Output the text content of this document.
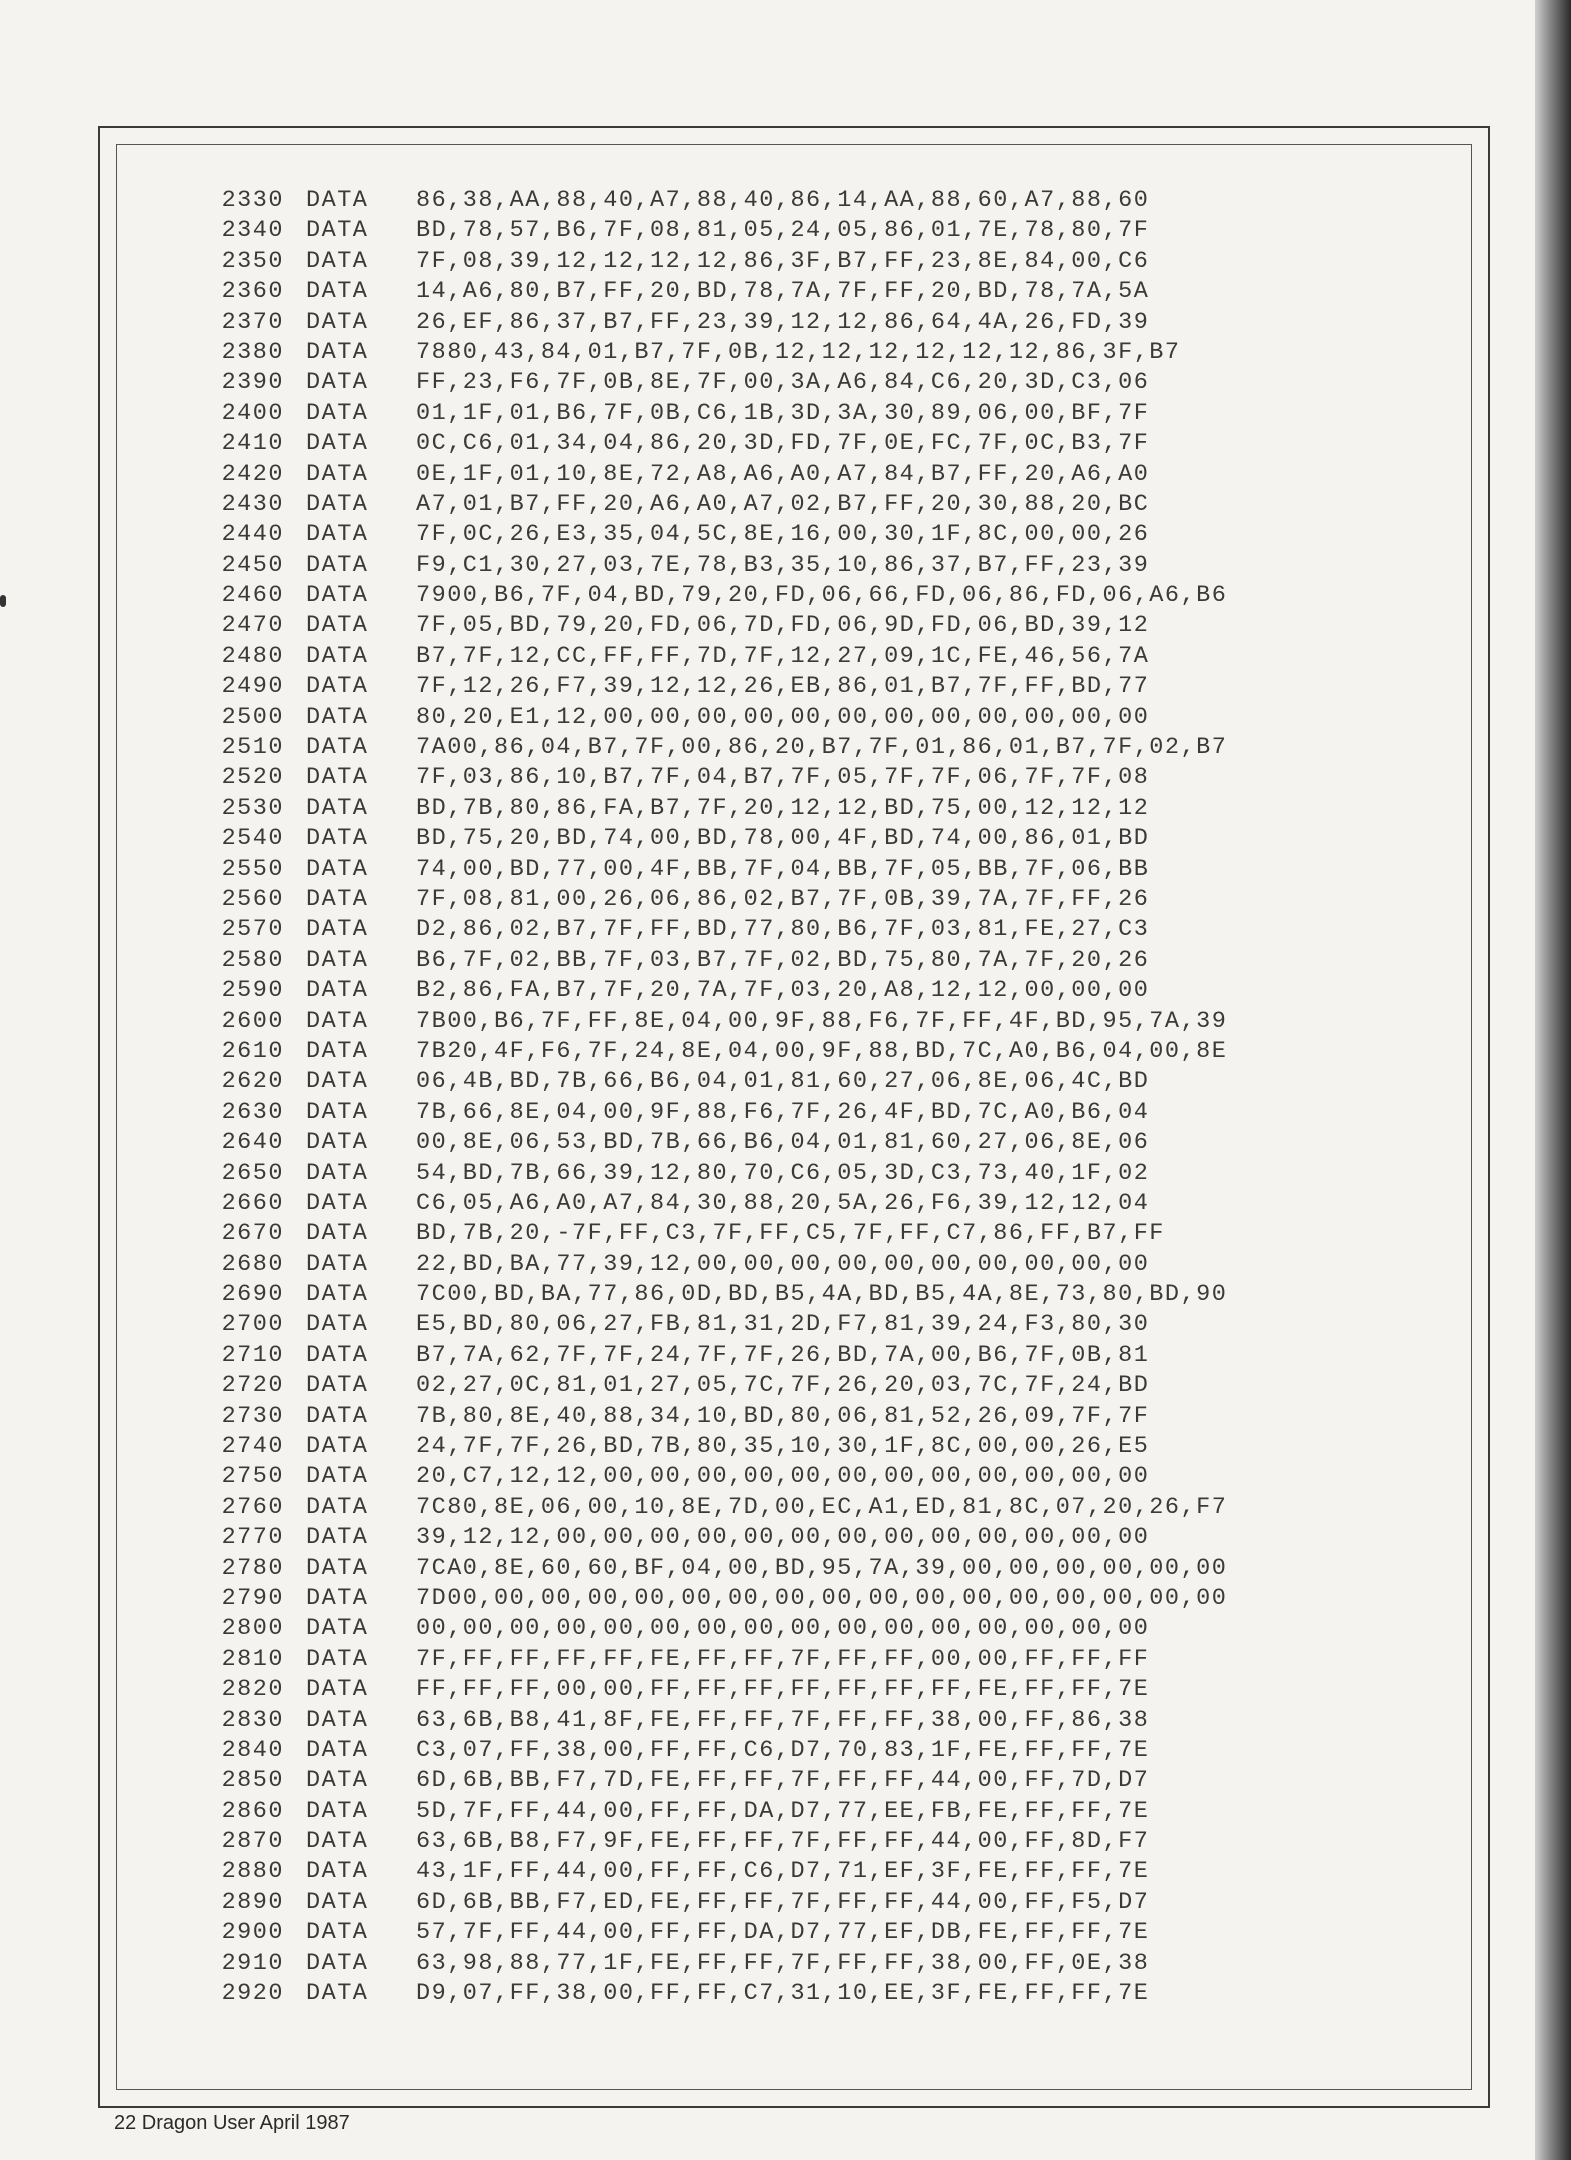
2330 DATA	86,38,AA,88,40,A7,88,40,86,14,AA,88,60,A7,88,60
2340 DATA	BD,78,57,B6,7F,08,81,05,24,05,86,01,7E,78,80,7F
2350 DATA	7F,08,39,12,12,12,12,86,3F,B7,FF,23,8E,84,00,C6
2360 DATA	14,A6,80,B7,FF,20,BD,78,7A,7F,FF,20,BD,78,7A,5A
2370 DATA	26,EF,86,37,B7,FF,23,39,12,12,86,64,4A,26,FD,39
2380 DATA	7880,43,84,01,B7,7F,0B,12,12,12,12,12,12,86,3F,B7
2390 DATA	FF,23,F6,7F,0B,8E,7F,00,3A,A6,84,C6,20,3D,C3,06
2400 DATA	01,1F,01,B6,7F,0B,C6,1B,3D,3A,30,89,06,00,BF,7F
2410 DATA	0C,C6,01,34,04,86,20,3D,FD,7F,0E,FC,7F,0C,B3,7F
2420 DATA	0E,1F,01,10,8E,72,A8,A6,A0,A7,84,B7,FF,20,A6,A0
2430 DATA	A7,01,B7,FF,20,A6,A0,A7,02,B7,FF,20,30,88,20,BC
2440 DATA	7F,0C,26,E3,35,04,5C,8E,16,00,30,1F,8C,00,00,26
2450 DATA	F9,C1,30,27,03,7E,78,B3,35,10,86,37,B7,FF,23,39
2460 DATA	7900,B6,7F,04,BD,79,20,FD,06,66,FD,06,86,FD,06,A6,B6
2470 DATA	7F,05,BD,79,20,FD,06,7D,FD,06,9D,FD,06,BD,39,12
2480 DATA	B7,7F,12,CC,FF,FF,7D,7F,12,27,09,1C,FE,46,56,7A
2490 DATA	7F,12,26,F7,39,12,12,26,EB,86,01,B7,7F,FF,BD,77
2500 DATA	80,20,E1,12,00,00,00,00,00,00,00,00,00,00,00,00
2510 DATA	7A00,86,04,B7,7F,00,86,20,B7,7F,01,86,01,B7,7F,02,B7
2520 DATA	7F,03,86,10,B7,7F,04,B7,7F,05,7F,7F,06,7F,7F,08
2530 DATA	BD,7B,80,86,FA,B7,7F,20,12,12,BD,75,00,12,12,12
2540 DATA	BD,75,20,BD,74,00,BD,78,00,4F,BD,74,00,86,01,BD
2550 DATA	74,00,BD,77,00,4F,BB,7F,04,BB,7F,05,BB,7F,06,BB
2560 DATA	7F,08,81,00,26,06,86,02,B7,7F,0B,39,7A,7F,FF,26
2570 DATA	D2,86,02,B7,7F,FF,BD,77,80,B6,7F,03,81,FE,27,C3
2580 DATA	B6,7F,02,BB,7F,03,B7,7F,02,BD,75,80,7A,7F,20,26
2590 DATA	B2,86,FA,B7,7F,20,7A,7F,03,20,A8,12,12,00,00,00
2600 DATA	7B00,B6,7F,FF,8E,04,00,9F,88,F6,7F,FF,4F,BD,95,7A,39
2610 DATA	7B20,4F,F6,7F,24,8E,04,00,9F,88,BD,7C,A0,B6,04,00,8E
2620 DATA	06,4B,BD,7B,66,B6,04,01,81,60,27,06,8E,06,4C,BD
2630 DATA	7B,66,8E,04,00,9F,88,F6,7F,26,4F,BD,7C,A0,B6,04
2640 DATA	00,8E,06,53,BD,7B,66,B6,04,01,81,60,27,06,8E,06
2650 DATA	54,BD,7B,66,39,12,80,70,C6,05,3D,C3,73,40,1F,02
2660 DATA	C6,05,A6,A0,A7,84,30,88,20,5A,26,F6,39,12,12,04
2670 DATA	BD,7B,20,-7F,FF,C3,7F,FF,C5,7F,FF,C7,86,FF,B7,FF
2680 DATA	22,BD,BA,77,39,12,00,00,00,00,00,00,00,00,00,00
2690 DATA	7C00,BD,BA,77,86,0D,BD,B5,4A,BD,B5,4A,8E,73,80,BD,90
2700 DATA	E5,BD,80,06,27,FB,81,31,2D,F7,81,39,24,F3,80,30
2710 DATA	B7,7A,62,7F,7F,24,7F,7F,26,BD,7A,00,B6,7F,0B,81
2720 DATA	02,27,0C,81,01,27,05,7C,7F,26,20,03,7C,7F,24,BD
2730 DATA	7B,80,8E,40,88,34,10,BD,80,06,81,52,26,09,7F,7F
2740 DATA	24,7F,7F,26,BD,7B,80,35,10,30,1F,8C,00,00,26,E5
2750 DATA	20,C7,12,12,00,00,00,00,00,00,00,00,00,00,00,00
2760 DATA	7C80,8E,06,00,10,8E,7D,00,EC,A1,ED,81,8C,07,20,26,F7
2770 DATA	39,12,12,00,00,00,00,00,00,00,00,00,00,00,00,00
2780 DATA	7CA0,8E,60,60,BF,04,00,BD,95,7A,39,00,00,00,00,00,00
2790 DATA	7D00,00,00,00,00,00,00,00,00,00,00,00,00,00,00,00,00
2800 DATA	00,00,00,00,00,00,00,00,00,00,00,00,00,00,00,00
2810 DATA	7F,FF,FF,FF,FF,FE,FF,FF,7F,FF,FF,00,00,FF,FF,FF
2820 DATA	FF,FF,FF,00,00,FF,FF,FF,FF,FF,FF,FF,FE,FF,FF,7E
2830 DATA	63,6B,B8,41,8F,FE,FF,FF,7F,FF,FF,38,00,FF,86,38
2840 DATA	C3,07,FF,38,00,FF,FF,C6,D7,70,83,1F,FE,FF,FF,7E
2850 DATA	6D,6B,BB,F7,7D,FE,FF,FF,7F,FF,FF,44,00,FF,7D,D7
2860 DATA	5D,7F,FF,44,00,FF,FF,DA,D7,77,EE,FB,FE,FF,FF,7E
2870 DATA	63,6B,B8,F7,9F,FE,FF,FF,7F,FF,FF,44,00,FF,8D,F7
2880 DATA	43,1F,FF,44,00,FF,FF,C6,D7,71,EF,3F,FE,FF,FF,7E
2890 DATA	6D,6B,BB,F7,ED,FE,FF,FF,7F,FF,FF,44,00,FF,F5,D7
2900 DATA	57,7F,FF,44,00,FF,FF,DA,D7,77,EF,DB,FE,FF,FF,7E
2910 DATA	63,98,88,77,1F,FE,FF,FF,7F,FF,FF,38,00,FF,0E,38
2920 DATA	D9,07,FF,38,00,FF,FF,C7,31,10,EE,3F,FE,FF,FF,7E
22 Dragon User April 1987
